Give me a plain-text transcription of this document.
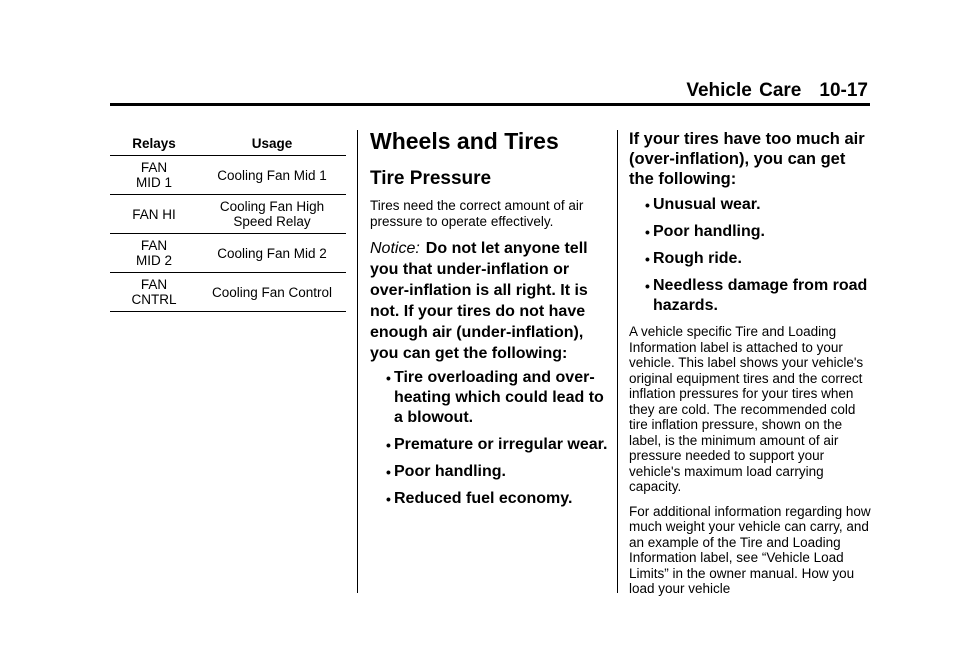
Vehicle Care 10-17
Relays	Usage
FAN
MID 1	Cooling Fan Mid 1
FAN HI	Cooling Fan High
Speed Relay
FAN
MID 2	Cooling Fan Mid 2
FAN
CNTRL	Cooling Fan Control
Wheels and Tires
Tire Pressure

Tires need the correct amount of air pressure to operate effectively.

Notice: Do not let anyone tell you that under-inflation or over-inflation is all right. It is not. If your tires do not have enough air (under-inflation), you can get the following:

• Tire overloading and over-heating which could lead to a blowout.
• Premature or irregular wear.
• Poor handling.
• Reduced fuel economy.
If your tires have too much air (over-inflation), you can get the following:
• Unusual wear.
• Poor handling.
• Rough ride.
• Needless damage from road hazards.

A vehicle specific Tire and Loading Information label is attached to your vehicle. This label shows your vehicle's original equipment tires and the correct inflation pressures for your tires when they are cold. The recommended cold tire inflation pressure, shown on the label, is the minimum amount of air pressure needed to support your vehicle's maximum load carrying capacity.

For additional information regarding how much weight your vehicle can carry, and an example of the Tire and Loading Information label, see “Vehicle Load Limits” in the owner manual. How you load your vehicle
